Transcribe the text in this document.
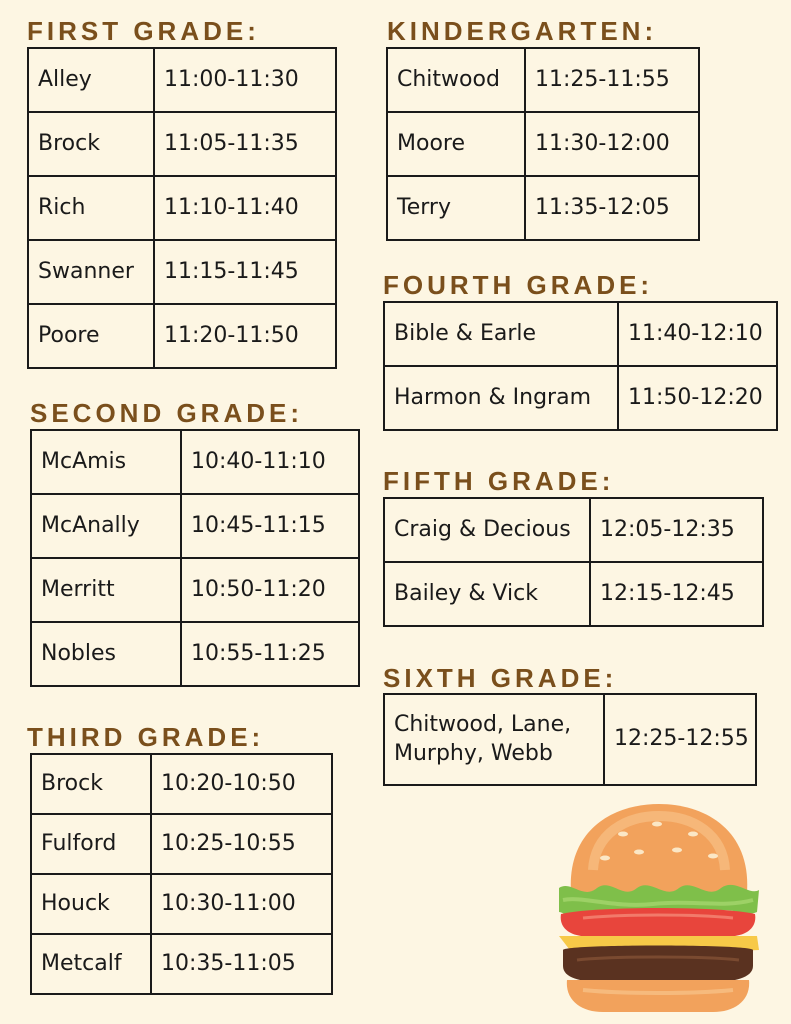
FIRST GRADE:
Alley	11:00-11:30
Brock	11:05-11:35
Rich	11:10-11:40
Swanner	11:15-11:45
Poore	11:20-11:50
SECOND GRADE:
McAmis	10:40-11:10
McAnally	10:45-11:15
Merritt	10:50-11:20
Nobles	10:55-11:25
THIRD GRADE:
Brock	10:20-10:50
Fulford	10:25-10:55
Houck	10:30-11:00
Metcalf	10:35-11:05
KINDERGARTEN:
Chitwood	11:25-11:55
Moore	11:30-12:00
Terry	11:35-12:05
FOURTH GRADE:
Bible & Earle	11:40-12:10
Harmon & Ingram	11:50-12:20
FIFTH GRADE:
Craig & Decious	12:05-12:35
Bailey & Vick	12:15-12:45
SIXTH GRADE:
Chitwood, Lane, Murphy, Webb	12:25-12:55
